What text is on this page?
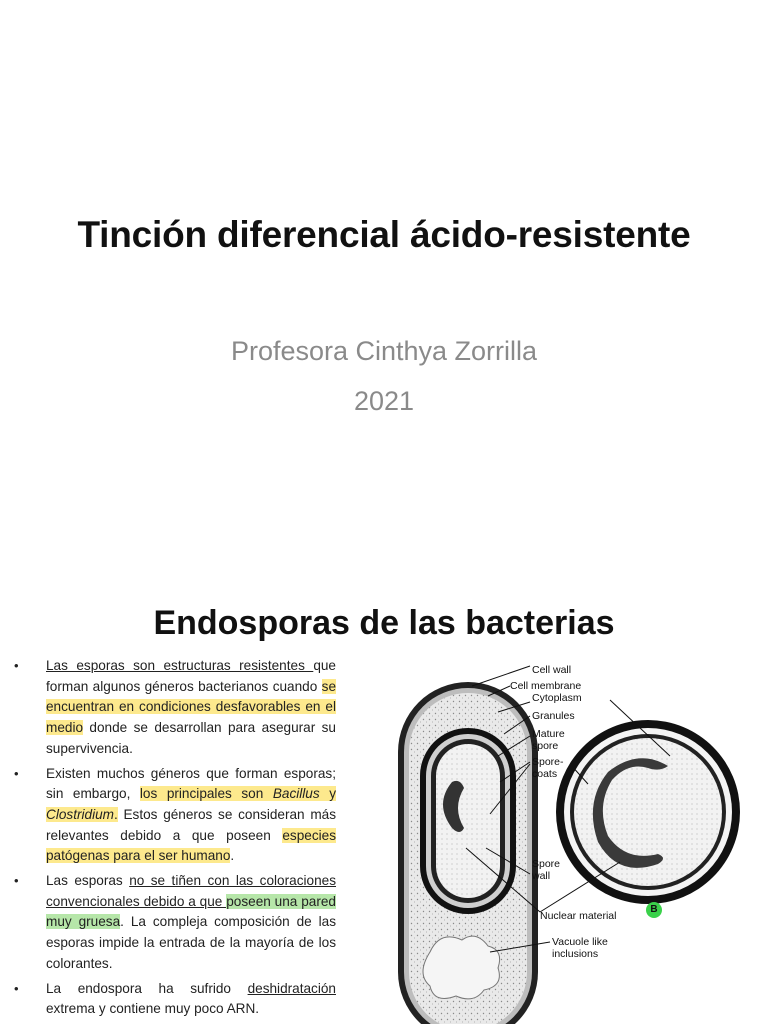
Tinción diferencial ácido-resistente

Profesora Cinthya Zorrilla

2021

Endosporas de las bacterias
• Las esporas son estructuras resistentes que forman algunos géneros bacterianos cuando se encuentran en condiciones desfavorables en el medio donde se desarrollan para asegurar su supervivencia.
• Existen muchos géneros que forman esporas; sin embargo, los principales son Bacillus y Clostridium. Estos géneros se consideran más relevantes debido a que poseen especies patógenas para el ser humano.
• Las esporas no se tiñen con las coloraciones convencionales debido a que poseen una pared muy gruesa. La compleja composición de las esporas impide la entrada de la mayoría de los colorantes.
• La endospora ha sufrido deshidratación extrema y contiene muy poco ARN.
Cell wall
Cell membrane
Cytoplasm
Granules
Mature
spore
Spore-
coats
Spore
wall
Nuclear material
Vacuole like
inclusions
B
